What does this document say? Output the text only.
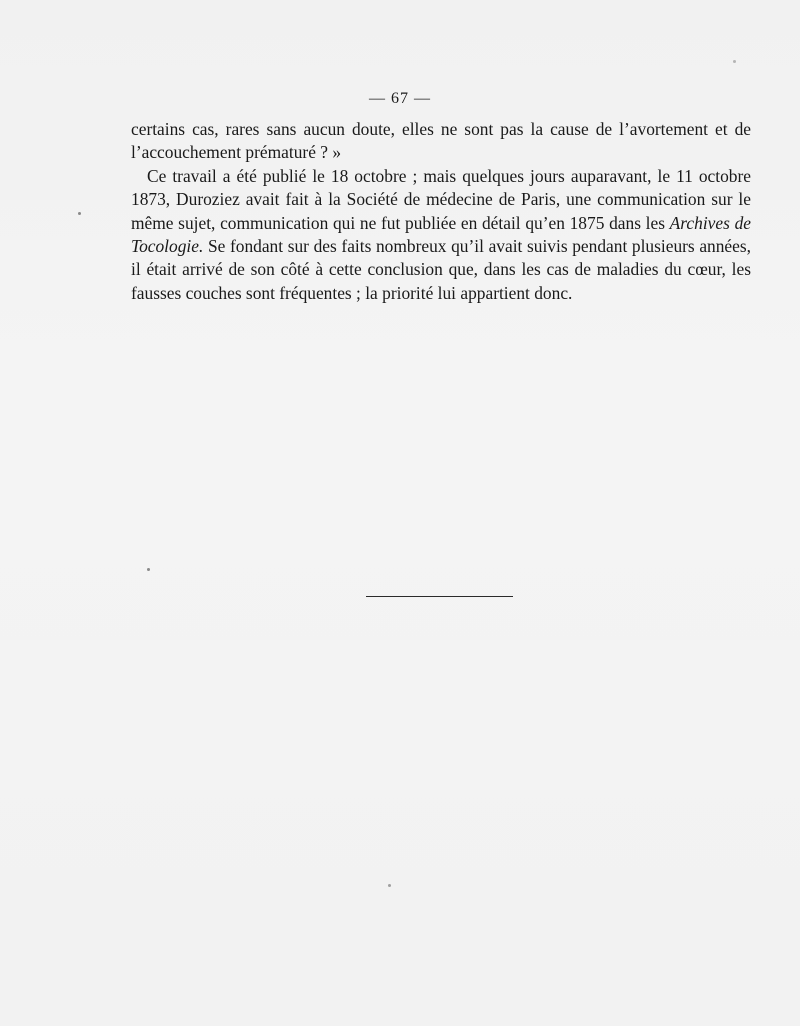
— 67 —

certains cas, rares sans aucun doute, elles ne sont pas la cause de l’avortement et de l’accouchement prématuré ? »

Ce travail a été publié le 18 octobre ; mais quelques jours auparavant, le 11 octobre 1873, Duroziez avait fait à la Société de médecine de Paris, une communication sur le même sujet, communication qui ne fut publiée en détail qu’en 1875 dans les Archives de Tocologie. Se fondant sur des faits nombreux qu’il avait suivis pendant plusieurs années, il était arrivé de son côté à cette conclusion que, dans les cas de maladies du cœur, les fausses couches sont fréquentes ; la priorité lui appartient donc.
